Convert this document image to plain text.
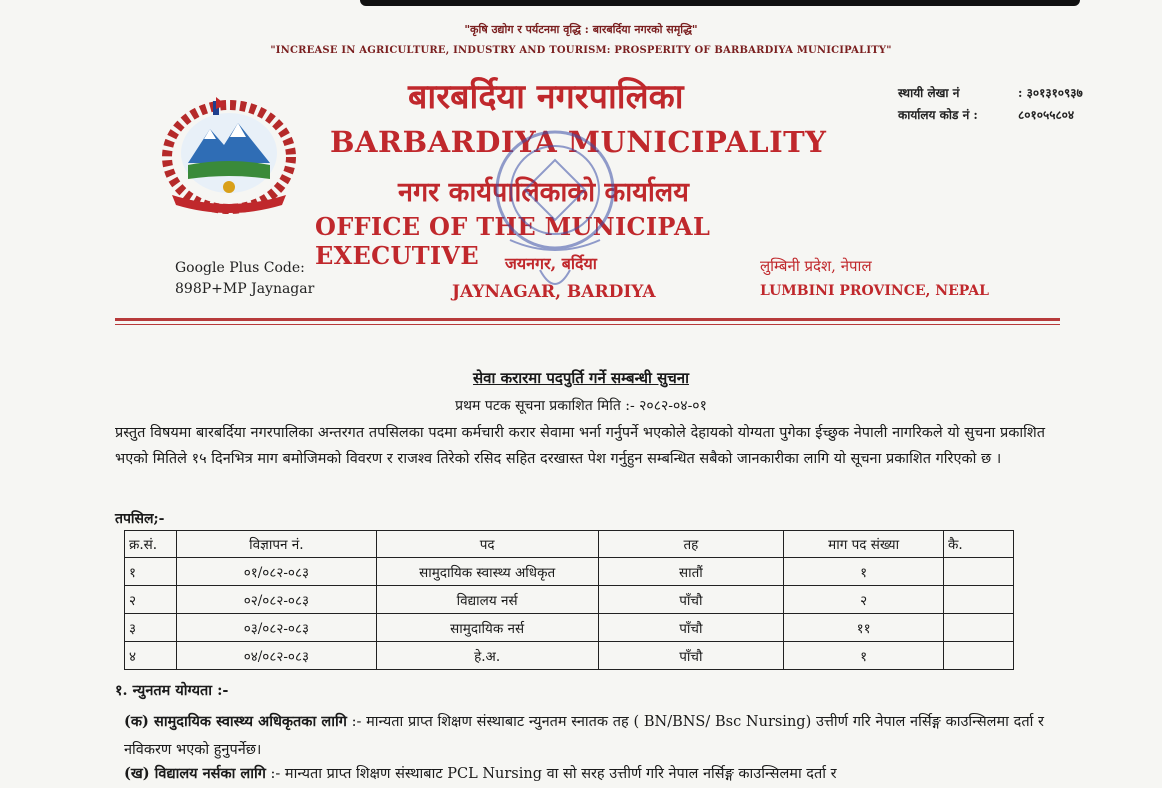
"कृषि उद्योग र पर्यटनमा वृद्धि : बारबर्दिया नगरको समृद्धि"
"INCREASE IN AGRICULTURE, INDUSTRY AND TOURISM: PROSPERITY OF BARBARDIYA MUNICIPALITY"
बारबर्दिया नगरपालिका
BARBARDIYA MUNICIPALITY
नगर कार्यपालिकाको कार्यालय
OFFICE OF THE MUNICIPAL EXECUTIVE
स्थायी लेखा नं	: ३०१३१०९३७
कार्यालय कोड नं :	८०१०५५८०४
Google Plus Code:
898P+MP Jaynagar
जयनगर, बर्दिया
JAYNAGAR, BARDIYA
लुम्बिनी प्रदेश, नेपाल
LUMBINI PROVINCE, NEPAL
सेवा करारमा पदपुर्ति गर्ने सम्बन्धी सुचना
प्रथम पटक सूचना प्रकाशित मिति :- २०८२-०४-०१
प्रस्तुत विषयमा बारबर्दिया नगरपालिका अन्तरगत तपसिलका पदमा कर्मचारी करार सेवामा भर्ना गर्नुपर्ने भएकोले देहायको योग्यता पुगेका ईच्छुक नेपाली नागरिकले यो सुचना प्रकाशित भएको मितिले १५ दिनभित्र माग बमोजिमको विवरण र राजश्व तिरेको रसिद सहित दरखास्त पेश गर्नुहुन सम्बन्धित सबैको जानकारीका लागि यो सूचना प्रकाशित गरिएको छ ।
तपसिल;-
क्र.सं.	विज्ञापन नं.	पद	तह	माग पद संख्या	कै.
१	०१/०८२-०८३	सामुदायिक स्वास्थ्य अधिकृत	सातौं	१	
२	०२/०८२-०८३	विद्यालय नर्स	पाँचौ	२	
३	०३/०८२-०८३	सामुदायिक नर्स	पाँचौ	११	
४	०४/०८२-०८३	हे.अ.	पाँचौ	१	
१. न्युनतम योग्यता :-
(क) सामुदायिक स्वास्थ्य अधिकृतका लागि :- मान्यता प्राप्त शिक्षण संस्थाबाट न्युनतम स्नातक तह ( BN/BNS/ Bsc Nursing) उत्तीर्ण गरि नेपाल नर्सिङ्ग काउन्सिलमा दर्ता र नविकरण भएको हुनुपर्नेछ।
(ख) विद्यालय नर्सका लागि :- मान्यता प्राप्त शिक्षण संस्थाबाट PCL Nursing वा सो सरह उत्तीर्ण गरि नेपाल नर्सिङ्ग काउन्सिलमा दर्ता र
